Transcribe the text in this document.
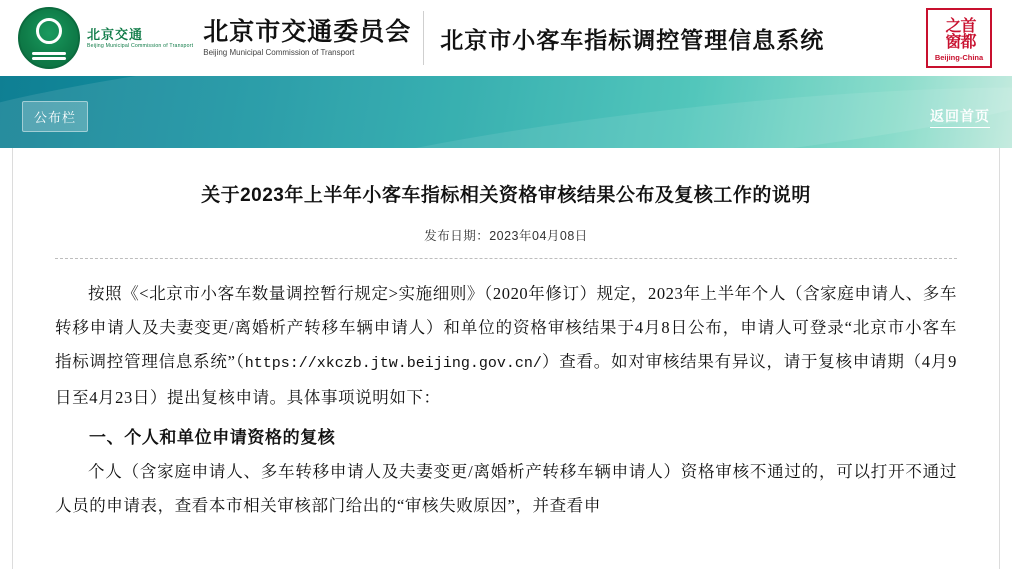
北京交通
Beijing Municipal Commission of Transport 北京市交通委员会
Beijing Municipal Commission of Transport	北京市小客车指标调控管理信息系统	首都之窗
Beijing-China
公布栏	返回首页
关于2023年上半年小客车指标相关资格审核结果公布及复核工作的说明
发布日期：2023年04月08日

按照《<北京市小客车数量调控暂行规定>实施细则》（2020年修订）规定，2023年上半年个人（含家庭申请人、多车转移申请人及夫妻变更/离婚析产转移车辆申请人）和单位的资格审核结果于4月8日公布，申请人可登录“北京市小客车指标调控管理信息系统”（https://xkczb.jtw.beijing.gov.cn/）查看。如对审核结果有异议，请于复核申请期（4月9日至4月23日）提出复核申请。具体事项说明如下：

一、个人和单位申请资格的复核

个人（含家庭申请人、多车转移申请人及夫妻变更/离婚析产转移车辆申请人）资格审核不通过的，可以打开不通过人员的申请表，查看本市相关审核部门给出的“审核失败原因”，并查看申
